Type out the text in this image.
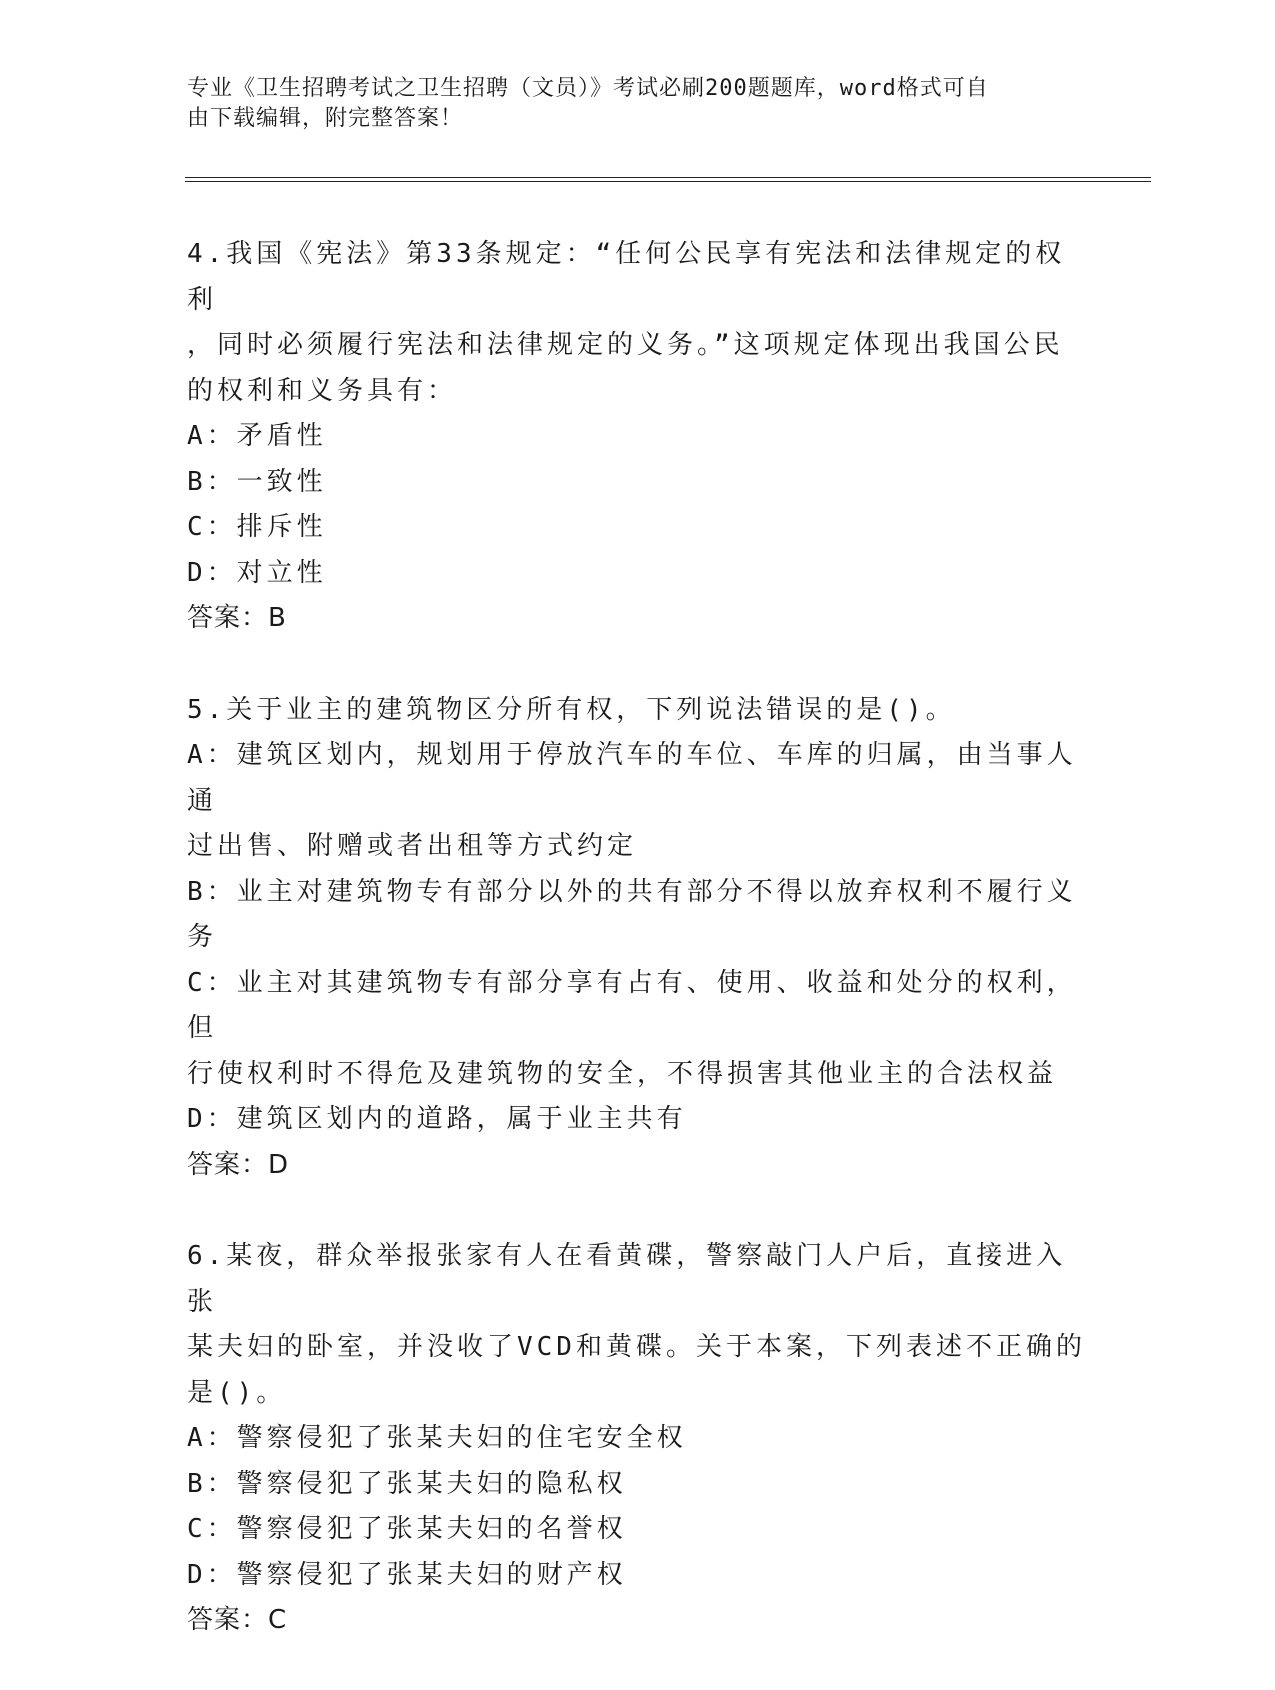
专业《卫生招聘考试之卫生招聘（文员）》考试必刷200题题库，word格式可自
由下载编辑，附完整答案！
4.我国《宪法》第33条规定：“任何公民享有宪法和法律规定的权利
，同时必须履行宪法和法律规定的义务。”这项规定体现出我国公民
的权利和义务具有：
A：矛盾性
B：一致性
C：排斥性
D：对立性
答案：B
5.关于业主的建筑物区分所有权，下列说法错误的是()。
A：建筑区划内，规划用于停放汽车的车位、车库的归属，由当事人通
过出售、附赠或者出租等方式约定
B：业主对建筑物专有部分以外的共有部分不得以放弃权利不履行义务
C：业主对其建筑物专有部分享有占有、使用、收益和处分的权利，但
行使权利时不得危及建筑物的安全，不得损害其他业主的合法权益
D：建筑区划内的道路，属于业主共有
答案：D
6.某夜，群众举报张家有人在看黄碟，警察敲门人户后，直接进入张
某夫妇的卧室，并没收了VCD和黄碟。关于本案，下列表述不正确的
是()。
A：警察侵犯了张某夫妇的住宅安全权
B：警察侵犯了张某夫妇的隐私权
C：警察侵犯了张某夫妇的名誉权
D：警察侵犯了张某夫妇的财产权
答案：C
